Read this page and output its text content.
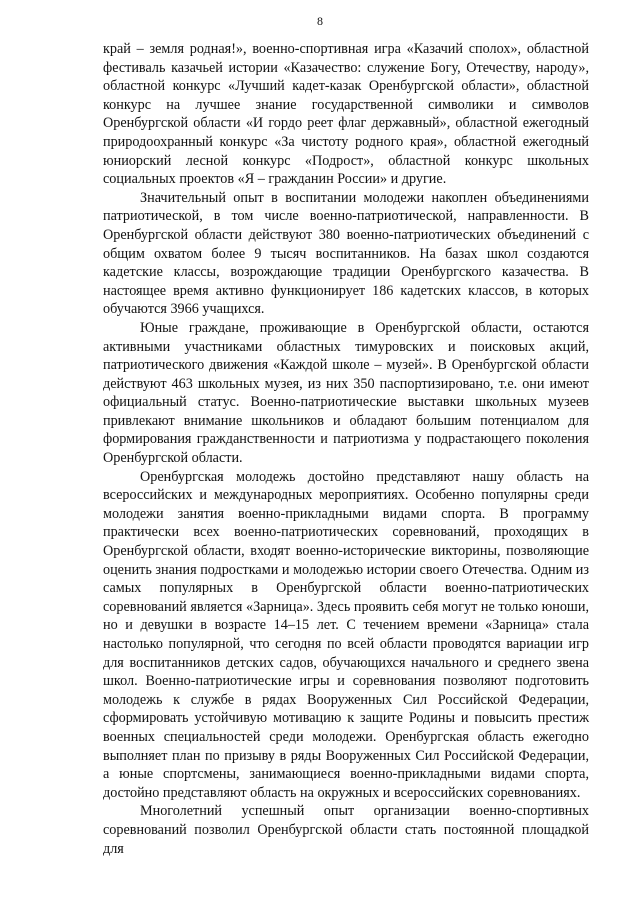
8

край – земля родная!», военно-спортивная игра «Казачий сполох», областной фестиваль казачьей истории «Казачество: служение Богу, Отечеству, народу», областной конкурс «Лучший кадет-казак Оренбургской области», областной конкурс на лучшее знание государственной символики и символов Оренбургской области «И гордо реет флаг державный», областной ежегодный природоохранный конкурс «За чистоту родного края», областной ежегодный юниорский лесной конкурс «Подрост», областной конкурс школьных социальных проектов «Я – гражданин России» и другие.

Значительный опыт в воспитании молодежи накоплен объединениями патриотической, в том числе военно-патриотической, направленности. В Оренбургской области действуют 380 военно-патриотических объединений с общим охватом более 9 тысяч воспитанников. На базах школ создаются кадетские классы, возрождающие традиции Оренбургского казачества. В настоящее время активно функционирует 186 кадетских классов, в которых обучаются 3966 учащихся.

Юные граждане, проживающие в Оренбургской области, остаются активными участниками областных тимуровских и поисковых акций, патриотического движения «Каждой школе – музей». В Оренбургской области действуют 463 школьных музея, из них 350 паспортизировано, т.е. они имеют официальный статус. Военно-патриотические выставки школьных музеев привлекают внимание школьников и обладают большим потенциалом для формирования гражданственности и патриотизма у подрастающего поколения Оренбургской области.

Оренбургская молодежь достойно представляют нашу область на всероссийских и международных мероприятиях. Особенно популярны среди молодежи занятия военно-прикладными видами спорта. В программу практически всех военно-патриотических соревнований, проходящих в Оренбургской области, входят военно-исторические викторины, позволяющие оценить знания подростками и молодежью истории своего Отечества. Одним из самых популярных в Оренбургской области военно-патриотических соревнований является «Зарница». Здесь проявить себя могут не только юноши, но и девушки в возрасте 14–15 лет. С течением времени «Зарница» стала настолько популярной, что сегодня по всей области проводятся вариации игр для воспитанников детских садов, обучающихся начального и среднего звена школ. Военно-патриотические игры и соревнования позволяют подготовить молодежь к службе в рядах Вооруженных Сил Российской Федерации, сформировать устойчивую мотивацию к защите Родины и повысить престиж военных специальностей среди молодежи. Оренбургская область ежегодно выполняет план по призыву в ряды Вооруженных Сил Российской Федерации, а юные спортсмены, занимающиеся военно-прикладными видами спорта, достойно представляют область на окружных и всероссийских соревнованиях.

Многолетний успешный опыт организации военно-спортивных соревнований позволил Оренбургской области стать постоянной площадкой для
